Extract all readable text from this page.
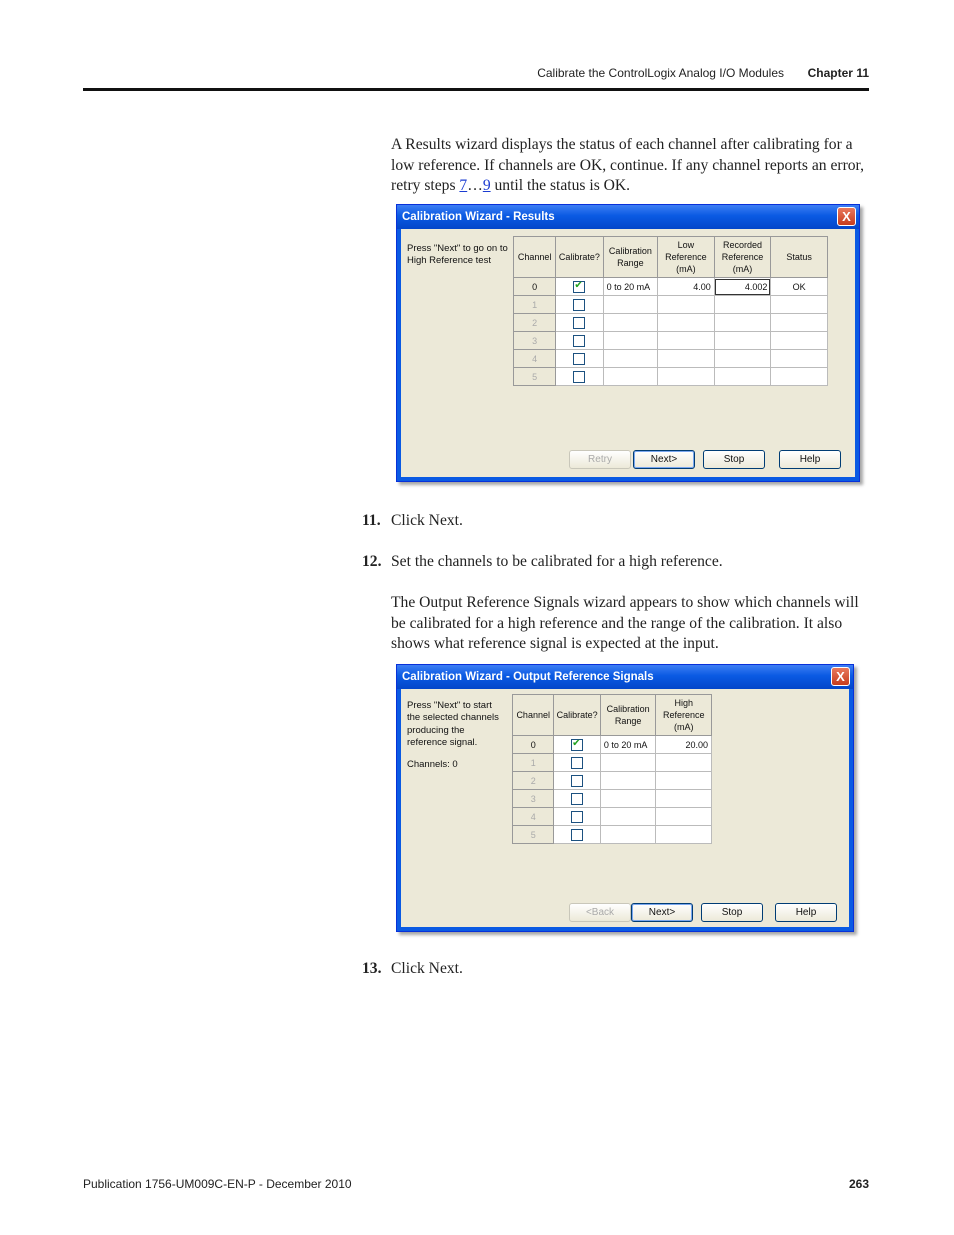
Calibrate the ControlLogix Analog I/O Modules Chapter 11
A Results wizard displays the status of each channel after calibrating for a low reference. If channels are OK, continue. If any channel reports an error, retry steps 7…9 until the status is OK.
Calibration Wizard - Results	X
Press "Next" to go on to High Reference test	Channel	Calibrate?	Calibration Range	Low Reference (mA)	Recorded Reference (mA)	Status
0	✔	0 to 20 mA	4.00	4.002	OK
1					
2					
3					
4					
5					
Retry	Next>	Stop	Help
11. Click Next.
12. Set the channels to be calibrated for a high reference.
The Output Reference Signals wizard appears to show which channels will be calibrated for a high reference and the range of the calibration. It also shows what reference signal is expected at the input.
Calibration Wizard - Output Reference Signals	X
Press "Next" to start the selected channels producing the reference signal.
Channels: 0
Channel	Calibrate?	Calibration Range	High Reference (mA)
0	✔	0 to 20 mA	20.00
1			
2			
3			
4			
5			
<Back	Next>	Stop	Help
13. Click Next.
Publication 1756-UM009C-EN-P - December 2010	263
